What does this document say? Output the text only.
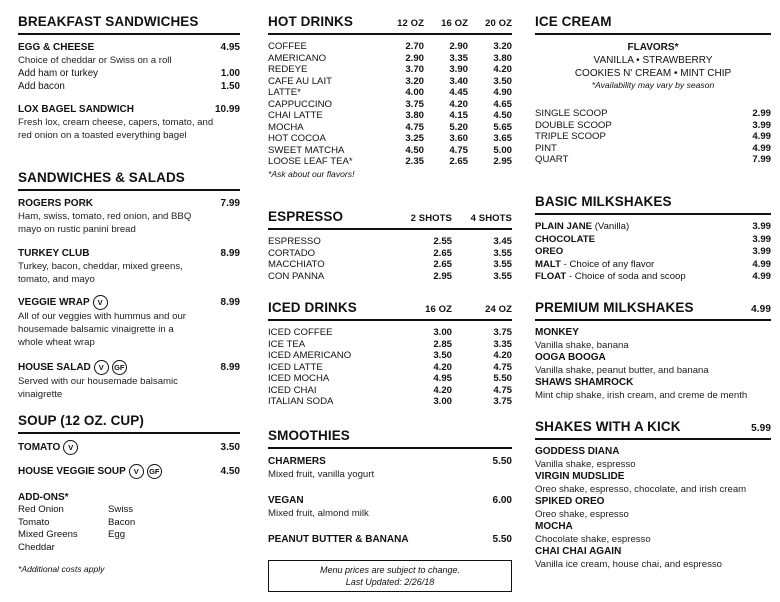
BREAKFAST SANDWICHES
EGG & CHEESE	4.95
Choice of cheddar or Swiss on a roll
Add ham or turkey	1.00
Add bacon	1.50
LOX BAGEL SANDWICH	10.99
Fresh lox, cream cheese, capers, tomato, and red onion on a toasted everything bagel
SANDWICHES & SALADS
ROGERS PORK	7.99
Ham, swiss, tomato, red onion, and BBQ mayo on rustic panini bread
TURKEY CLUB	8.99
Turkey, bacon, cheddar, mixed greens, tomato, and mayo
VEGGIE WRAP V	8.99
All of our veggies with hummus and our housemade balsamic vinaigrette in a whole wheat wrap
HOUSE SALAD V GF	8.99
Served with our housemade balsamic vinaigrette
SOUP (12 OZ. CUP)
TOMATO V	3.50
HOUSE VEGGIE SOUP V GF	4.50
ADD-ONS*
Red Onion	Swiss
Tomato	Bacon
Mixed Greens	Egg
Cheddar
*Additional costs apply
HOT DRINKS	12 OZ	16 OZ	20 OZ
COFFEE	2.70	2.90	3.20
AMERICANO	2.90	3.35	3.80
REDEYE	3.70	3.90	4.20
CAFE AU LAIT	3.20	3.40	3.50
LATTE*	4.00	4.45	4.90
CAPPUCCINO	3.75	4.20	4.65
CHAI LATTE	3.80	4.15	4.50
MOCHA	4.75	5.20	5.65
HOT COCOA	3.25	3.60	3.65
SWEET MATCHA	4.50	4.75	5.00
LOOSE LEAF TEA*	2.35	2.65	2.95
*Ask about our flavors!
ESPRESSO	2 SHOTS	4 SHOTS
ESPRESSO	2.55	3.45
CORTADO	2.65	3.55
MACCHIATO	2.65	3.55
CON PANNA	2.95	3.55
ICED DRINKS	16 OZ	24 OZ
ICED COFFEE	3.00	3.75
ICE TEA	2.85	3.35
ICED AMERICANO	3.50	4.20
ICED LATTE	4.20	4.75
ICED MOCHA	4.95	5.50
ICED CHAI	4.20	4.75
ITALIAN SODA	3.00	3.75
SMOOTHIES
CHARMERS	5.50
Mixed fruit, vanilla yogurt
VEGAN	6.00
Mixed fruit, almond milk
PEANUT BUTTER & BANANA	5.50
Menu prices are subject to change.
Last Updated: 2/26/18
ICE CREAM
FLAVORS*
VANILLA • STRAWBERRY
COOKIES N' CREAM • MINT CHIP
*Availability may vary by season
SINGLE SCOOP	2.99
DOUBLE SCOOP	3.99
TRIPLE SCOOP	4.99
PINT	4.99
QUART	7.99
BASIC MILKSHAKES
PLAIN JANE (Vanilla)	3.99
CHOCOLATE	3.99
OREO	3.99
MALT - Choice of any flavor	4.99
FLOAT - Choice of soda and scoop	4.99
PREMIUM MILKSHAKES	4.99
MONKEY
Vanilla shake, banana
OOGA BOOGA
Vanilla shake, peanut butter, and banana
SHAWS SHAMROCK
Mint chip shake, irish cream, and creme de menth
SHAKES WITH A KICK	5.99
GODDESS DIANA
Vanilla shake, espresso
VIRGIN MUDSLIDE
Oreo shake, espresso, chocolate, and irish cream
SPIKED OREO
Oreo shake, espresso
MOCHA
Chocolate shake, espresso
CHAI CHAI AGAIN
Vanilla ice cream, house chai, and espresso
